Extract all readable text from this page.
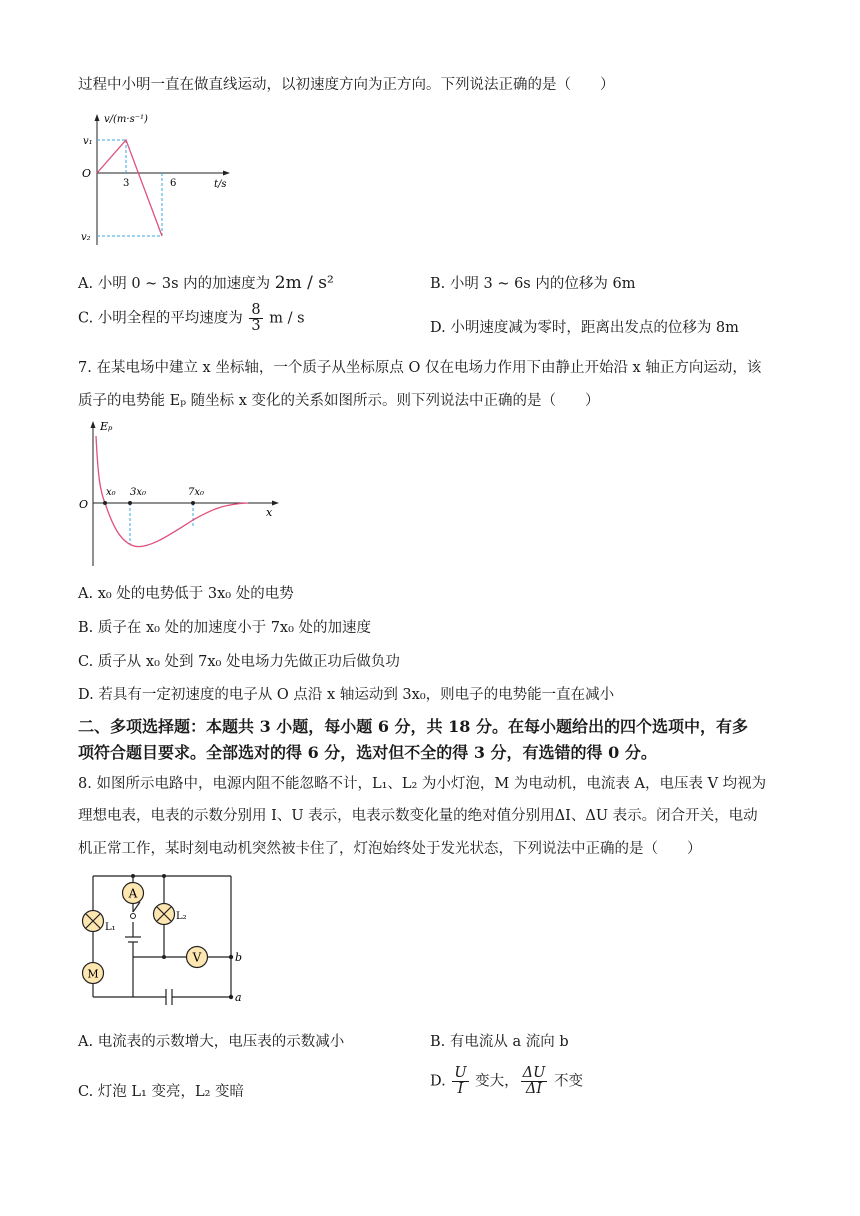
过程中小明一直在做直线运动，以初速度方向为正方向。下列说法正确的是（　　）
v/(m·s⁻¹)
t/s
O
v₁
v₂
3	6
A. 小明 0 ~ 3s 内的加速度为 2m / s²	B. 小明 3 ~ 6s 内的位移为 6m
C. 小明全程的平均速度为 $\frac{8}{3}$ m / s
D. 小明速度减为零时，距离出发点的位移为 8m
7. 在某电场中建立 x 坐标轴，一个质子从坐标原点 O 仅在电场力作用下由静止开始沿 x 轴正方向运动，该
质子的电势能 Eₚ 随坐标 x 变化的关系如图所示。则下列说法中正确的是（　　）
Eₚ
x
O
x₀ 3x₀	7x₀
A. x₀ 处的电势低于 3x₀ 处的电势
B. 质子在 x₀ 处的加速度小于 7x₀ 处的加速度
C. 质子从 x₀ 处到 7x₀ 处电场力先做正功后做负功
D. 若具有一定初速度的电子从 O 点沿 x 轴运动到 3x₀，则电子的电势能一直在减小
二、多项选择题：本题共 3 小题，每小题 6 分，共 18 分。在每小题给出的四个选项中，有多
项符合题目要求。全部选对的得 6 分，选对但不全的得 3 分，有选错的得 0 分。
8. 如图所示电路中，电源内阻不能忽略不计，L₁、L₂ 为小灯泡，M 为电动机，电流表 A，电压表 V 均视为
理想电表，电表的示数分别用 I、U 表示，电表示数变化量的绝对值分别用ΔI、ΔU 表示。闭合开关，电动
机正常工作，某时刻电动机突然被卡住了，灯泡始终处于发光状态，下列说法中正确的是（　　）
A
V
M
L₁
L₂
b
a
A. 电流表的示数增大，电压表的示数减小	B. 有电流从 a 流向 b
C. 灯泡 L₁ 变亮，L₂ 变暗
D. $\frac{U}{I}$ 变大， $\frac{\Delta U}{\Delta I}$ 不变
